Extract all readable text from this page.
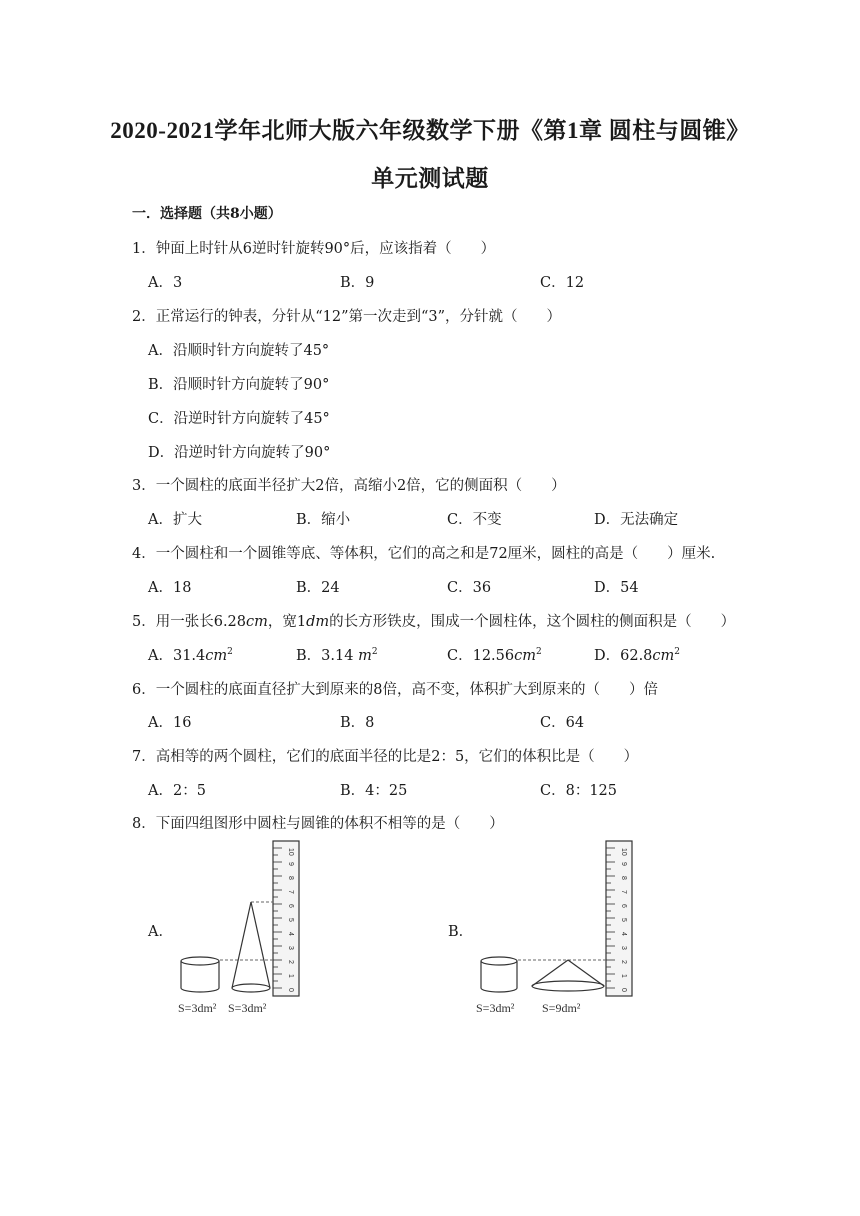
2020-2021学年北师大版六年级数学下册《第1章 圆柱与圆锥》
单元测试题
一．选择题（共8小题）
1．钟面上时针从6逆时针旋转90°后，应该指着（　　）
A．3	B．9	C．12
2．正常运行的钟表，分针从“12”第一次走到“3”，分针就（　　）
A．沿顺时针方向旋转了45°
B．沿顺时针方向旋转了90°
C．沿逆时针方向旋转了45°
D．沿逆时针方向旋转了90°
3．一个圆柱的底面半径扩大2倍，高缩小2倍，它的侧面积（　　）
A．扩大	B．缩小	C．不变	D．无法确定
4．一个圆柱和一个圆锥等底、等体积，它们的高之和是72厘米，圆柱的高是（　　）厘米.
A．18	B．24	C．36	D．54
5．用一张长6.28cm，宽1dm的长方形铁皮，围成一个圆柱体，这个圆柱的侧面积是（　　）
A．$31.4cm^2$	B．3.14 $m^2$	C．$12.56cm^2$	D．$62.8cm^2$
6．一个圆柱的底面直径扩大到原来的8倍，高不变，体积扩大到原来的（　　）倍
A．16	B．8	C．64
7．高相等的两个圆柱，它们的底面半径的比是2：5，它们的体积比是（　　）
A．2：5	B．4：25	C．8：125
8．下面四组图形中圆柱与圆锥的体积不相等的是（　　）
A．	B．
0
1
2
3
4
5
6
7
8
9
10
S=3dm² S=3dm²
0
1
2
3
4
5
6
7
8
9
10
S=3dm² S=9dm²
